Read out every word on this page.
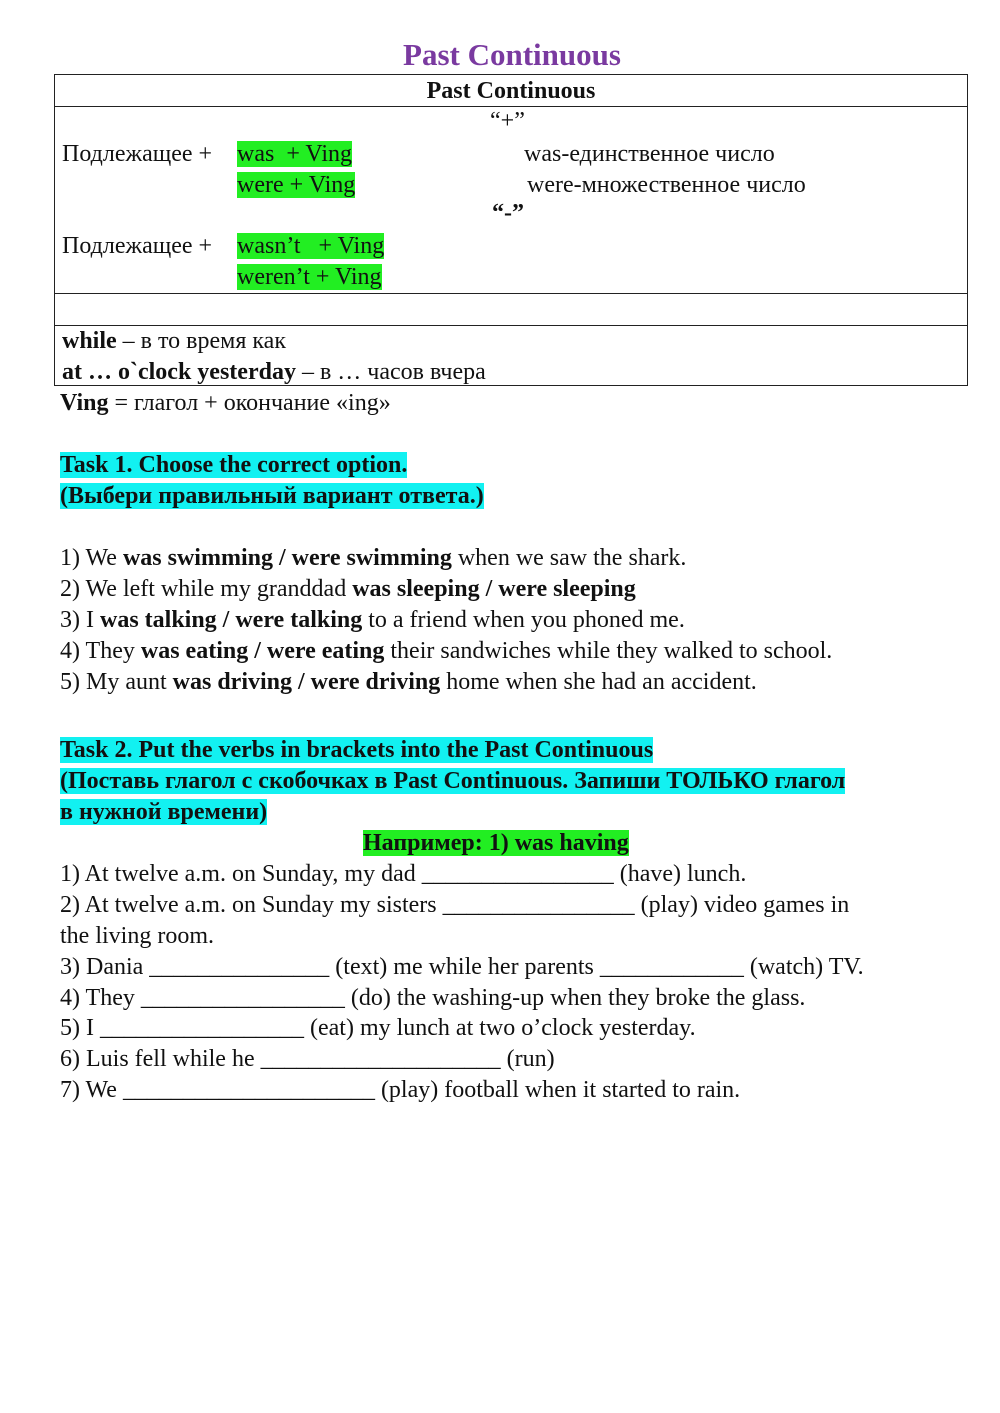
Past Continuous
Past Continuous
“+”
Подлежащее + was  + Ving
were + Ving
was-единственное число
were-множественное число
“-”
Подлежащее + wasn’t   + Ving
weren’t + Ving
while – в то время как
at … o`clock yesterday – в … часов вчера
Ving = глагол + окончание «ing»
Task 1. Choose the correct option.
(Выбери правильный вариант ответа.)
1) We was swimming / were swimming when we saw the shark.
2) We left while my granddad was sleeping / were sleeping
3) I was talking / were talking to a friend when you phoned me.
4) They was eating / were eating their sandwiches while they walked to school.
5) My aunt was driving / were driving home when she had an accident.
Task 2. Put the verbs in brackets into the Past Continuous
(Поставь глагол с скобочках в Past Continuous. Запиши ТОЛЬКО глагол
в нужной времени)
Например: 1) was having
1) At twelve a.m. on Sunday, my dad ________________ (have) lunch.
2) At twelve a.m. on Sunday my sisters ________________ (play) video games in
the living room.
3) Dania _______________ (text) me while her parents ____________ (watch) TV.
4) They _________________ (do) the washing-up when they broke the glass.
5) I _________________ (eat) my lunch at two o’clock yesterday.
6) Luis fell while he ____________________ (run)
7) We _____________________ (play) football when it started to rain.
